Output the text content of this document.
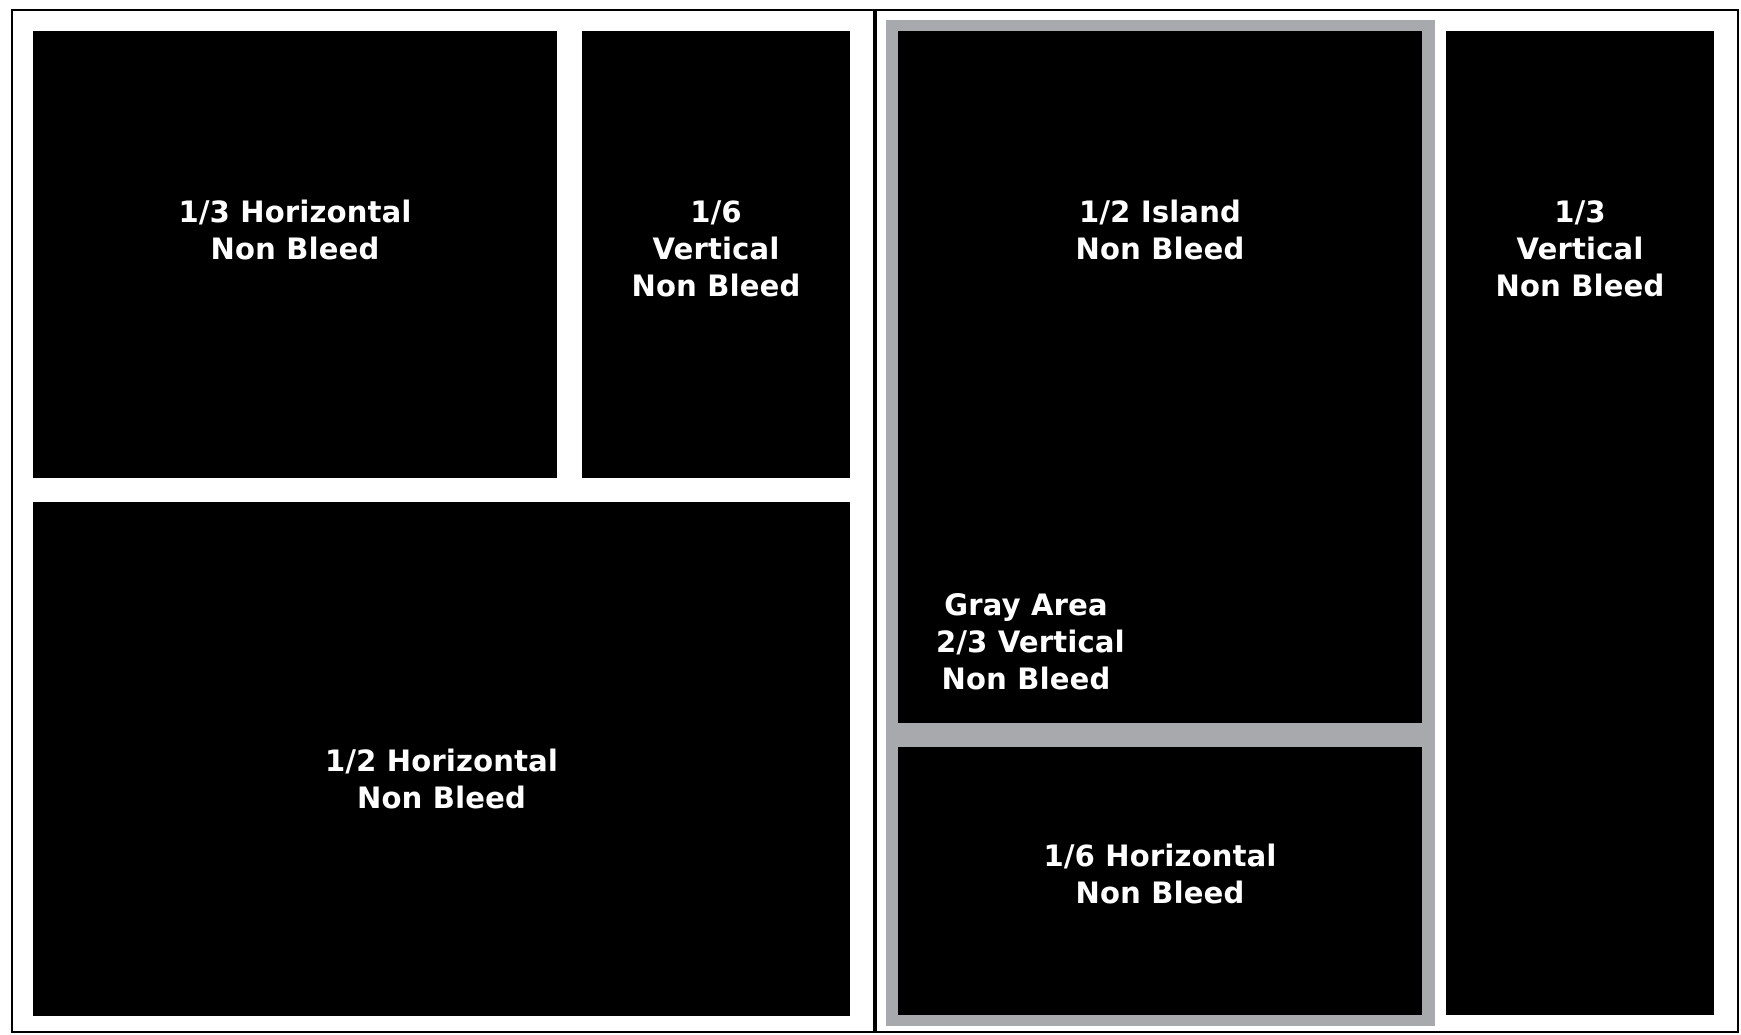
1/3 Horizontal
Non Bleed
1/6
Vertical
Non Bleed
1/2 Horizontal
Non Bleed
1/2 Island
Non Bleed
Gray Area
2/3 Vertical
Non Bleed
1/6 Horizontal
Non Bleed
1/3
Vertical
Non Bleed
